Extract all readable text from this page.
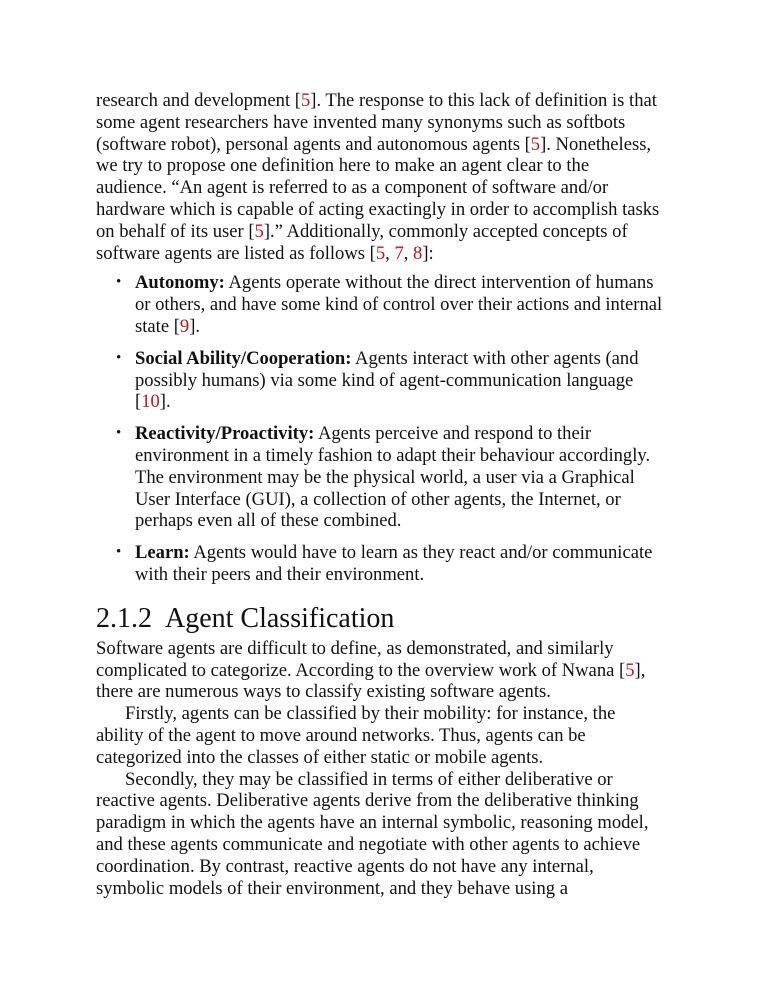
research and development [5]. The response to this lack of definition is that
some agent researchers have invented many synonyms such as softbots
(software robot), personal agents and autonomous agents [5]. Nonetheless,
we try to propose one definition here to make an agent clear to the
audience. “An agent is referred to as a component of software and/or
hardware which is capable of acting exactingly in order to accomplish tasks
on behalf of its user [5].” Additionally, commonly accepted concepts of
software agents are listed as follows [5, 7, 8]:
• Autonomy: Agents operate without the direct intervention of humans
or others, and have some kind of control over their actions and internal
state [9].
• Social Ability/Cooperation: Agents interact with other agents (and
possibly humans) via some kind of agent-communication language
[10].
• Reactivity/Proactivity: Agents perceive and respond to their
environment in a timely fashion to adapt their behaviour accordingly.
The environment may be the physical world, a user via a Graphical
User Interface (GUI), a collection of other agents, the Internet, or
perhaps even all of these combined.
• Learn: Agents would have to learn as they react and/or communicate
with their peers and their environment.
2.1.2 Agent Classification
Software agents are difficult to define, as demonstrated, and similarly
complicated to categorize. According to the overview work of Nwana [5],
there are numerous ways to classify existing software agents.
Firstly, agents can be classified by their mobility: for instance, the
ability of the agent to move around networks. Thus, agents can be
categorized into the classes of either static or mobile agents.
Secondly, they may be classified in terms of either deliberative or
reactive agents. Deliberative agents derive from the deliberative thinking
paradigm in which the agents have an internal symbolic, reasoning model,
and these agents communicate and negotiate with other agents to achieve
coordination. By contrast, reactive agents do not have any internal,
symbolic models of their environment, and they behave using a
